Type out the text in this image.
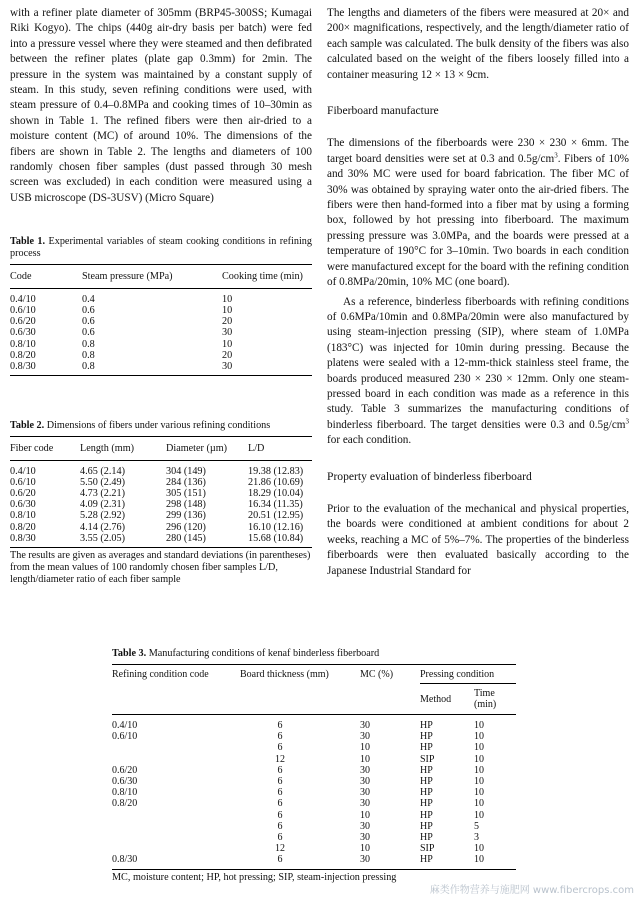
with a refiner plate diameter of 305mm (BRP45-300SS; Kumagai Riki Kogyo). The chips (440g air-dry basis per batch) were fed into a pressure vessel where they were steamed and then defibrated between the refiner plates (plate gap 0.3mm) for 2min. The pressure in the system was maintained by a constant supply of steam. In this study, seven refining conditions were used, with steam pressure of 0.4–0.8MPa and cooking times of 10–30min as shown in Table 1. The refined fibers were then air-dried to a moisture content (MC) of around 10%. The dimensions of the fibers are shown in Table 2. The lengths and diameters of 100 randomly chosen fiber samples (dust passed through 30 mesh screen was excluded) in each condition were measured using a USB microscope (DS-3USV) (Micro Square)

Table 1. Experimental variables of steam cooking conditions in refining process
Code	Steam pressure (MPa)	Cooking time (min)
0.4/10	0.4	10
0.6/10	0.6	10
0.6/20	0.6	20
0.6/30	0.6	30
0.8/10	0.8	10
0.8/20	0.8	20
0.8/30	0.8	30
Table 2. Dimensions of fibers under various refining conditions
Fiber code	Length (mm)	Diameter (µm)	L/D
0.4/10	4.65 (2.14)	304 (149)	19.38 (12.83)
0.6/10	5.50 (2.49)	284 (136)	21.86 (10.69)
0.6/20	4.73 (2.21)	305 (151)	18.29 (10.04)
0.6/30	4.09 (2.31)	298 (148)	16.34 (11.35)
0.8/10	5.28 (2.92)	299 (136)	20.51 (12.95)
0.8/20	4.14 (2.76)	296 (120)	16.10 (12.16)
0.8/30	3.55 (2.05)	280 (145)	15.68 (10.84)
The results are given as averages and standard deviations (in parentheses) from the mean values of 100 randomly chosen fiber samples L/D, length/diameter ratio of each fiber sample

The lengths and diameters of the fibers were measured at 20× and 200× magnifications, respectively, and the length/diameter ratio of each sample was calculated. The bulk density of the fibers was also calculated based on the weight of the fibers loosely filled into a container measuring 12 × 13 × 9cm.

Fiberboard manufacture

The dimensions of the fiberboards were 230 × 230 × 6mm. The target board densities were set at 0.3 and $0.5g/cm^3$. Fibers of 10% and 30% MC were used for board fabrication. The fiber MC of 30% was obtained by spraying water onto the air-dried fibers. The fibers were then hand-formed into a fiber mat by using a forming box, followed by hot pressing into fiberboard. The maximum pressing pressure was 3.0MPa, and the boards were pressed at a temperature of 190°C for 3–10min. Two boards in each condition were manufactured except for the board with the refining condition of 0.8MPa/20min, 10% MC (one board).

As a reference, binderless fiberboards with refining conditions of 0.6MPa/10min and 0.8MPa/20min were also manufactured by using steam-injection pressing (SIP), where steam of 1.0MPa (183°C) was injected for 10min during pressing. Because the platens were sealed with a 12-mm-thick stainless steel frame, the boards produced measured 230 × 230 × 12mm. Only one steam-pressed board in each condition was made as a reference in this study. Table 3 summarizes the manufacturing conditions of binderless fiberboard. The target densities were 0.3 and $0.5g/cm^3$ for each condition.

Property evaluation of binderless fiberboard

Prior to the evaluation of the mechanical and physical properties, the boards were conditioned at ambient conditions for about 2 weeks, reaching a MC of 5%–7%. The properties of the binderless fiberboards were then evaluated basically according to the Japanese Industrial Standard for

Table 3. Manufacturing conditions of kenaf binderless fiberboard
Refining condition code	Board thickness (mm)	MC (%)	Pressing condition	
			Method	Time (min)
0.4/10	6	30	HP	10
0.6/10	6	30	HP	10
	6	10	HP	10
	12	10	SIP	10
0.6/20	6	30	HP	10
0.6/30	6	30	HP	10
0.8/10	6	30	HP	10
0.8/20	6	30	HP	10
	6	10	HP	10
	6	30	HP	5
	6	30	HP	3
	12	10	SIP	10
0.8/30	6	30	HP	10
MC, moisture content; HP, hot pressing; SIP, steam-injection pressing
麻类作物营养与施肥网 www.fibercrops.com
